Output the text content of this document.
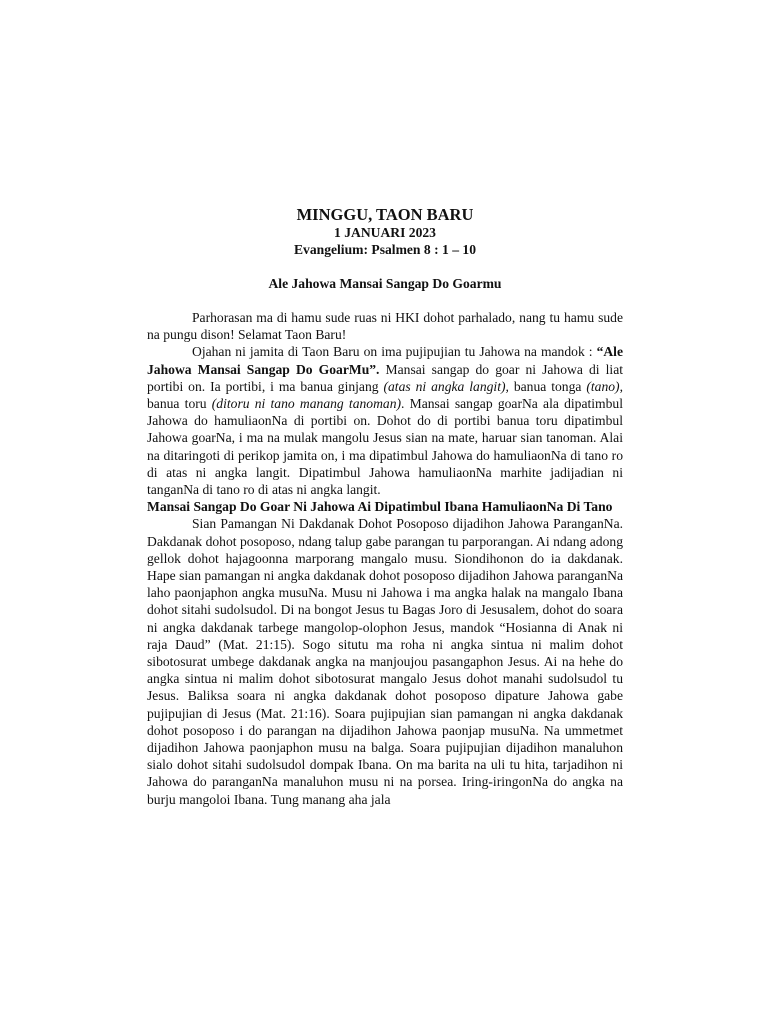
MINGGU, TAON BARU

1 JANUARI 2023

Evangelium: Psalmen 8 : 1 – 10

Ale Jahowa Mansai Sangap Do Goarmu

Parhorasan ma di hamu sude ruas ni HKI dohot parhalado, nang tu hamu sude na pungu dison! Selamat Taon Baru!

Ojahan ni jamita di Taon Baru on ima pujipujian tu Jahowa na mandok : “Ale Jahowa Mansai Sangap Do GoarMu”. Mansai sangap do goar ni Jahowa di liat portibi on. Ia portibi, i ma banua ginjang (atas ni angka langit), banua tonga (tano), banua toru (ditoru ni tano manang tanoman). Mansai sangap goarNa ala dipatimbul Jahowa do hamuliaonNa di portibi on. Dohot do di portibi banua toru dipatimbul Jahowa goarNa, i ma na mulak mangolu Jesus sian na mate, haruar sian tanoman. Alai na ditaringoti di perikop jamita on, i ma dipatimbul Jahowa do hamuliaonNa di tano ro di atas ni angka langit. Dipatimbul Jahowa hamuliaonNa marhite jadijadian ni tanganNa di tano ro di atas ni angka langit.

Mansai Sangap Do Goar Ni Jahowa Ai Dipatimbul Ibana HamuliaonNa Di Tano

Sian Pamangan Ni Dakdanak Dohot Posoposo dijadihon Jahowa ParanganNa. Dakdanak dohot posoposo, ndang talup gabe parangan tu parporangan. Ai ndang adong gellok dohot hajagoonna marporang mangalo musu. Siondihonon do ia dakdanak. Hape sian pamangan ni angka dakdanak dohot posoposo dijadihon Jahowa paranganNa laho paonjaphon angka musuNa. Musu ni Jahowa i ma angka halak na mangalo Ibana dohot sitahi sudolsudol. Di na bongot Jesus tu Bagas Joro di Jesusalem, dohot do soara ni angka dakdanak tarbege mangolop-olophon Jesus, mandok “Hosianna di Anak ni raja Daud” (Mat. 21:15). Sogo situtu ma roha ni angka sintua ni malim dohot sibotosurat umbege dakdanak angka na manjoujou pasangaphon Jesus. Ai na hehe do angka sintua ni malim dohot sibotosurat mangalo Jesus dohot manahi sudolsudol tu Jesus. Baliksa soara ni angka dakdanak dohot posoposo dipature Jahowa gabe pujipujian di Jesus (Mat. 21:16). Soara pujipujian sian pamangan ni angka dakdanak dohot posoposo i do parangan na dijadihon Jahowa paonjap musuNa. Na ummetmet dijadihon Jahowa paonjaphon musu na balga. Soara pujipujian dijadihon manaluhon sialo dohot sitahi sudolsudol dompak Ibana. On ma barita na uli tu hita, tarjadihon ni Jahowa do paranganNa manaluhon musu ni na porsea. Iring-iringonNa do angka na burju mangoloi Ibana. Tung manang aha jala
